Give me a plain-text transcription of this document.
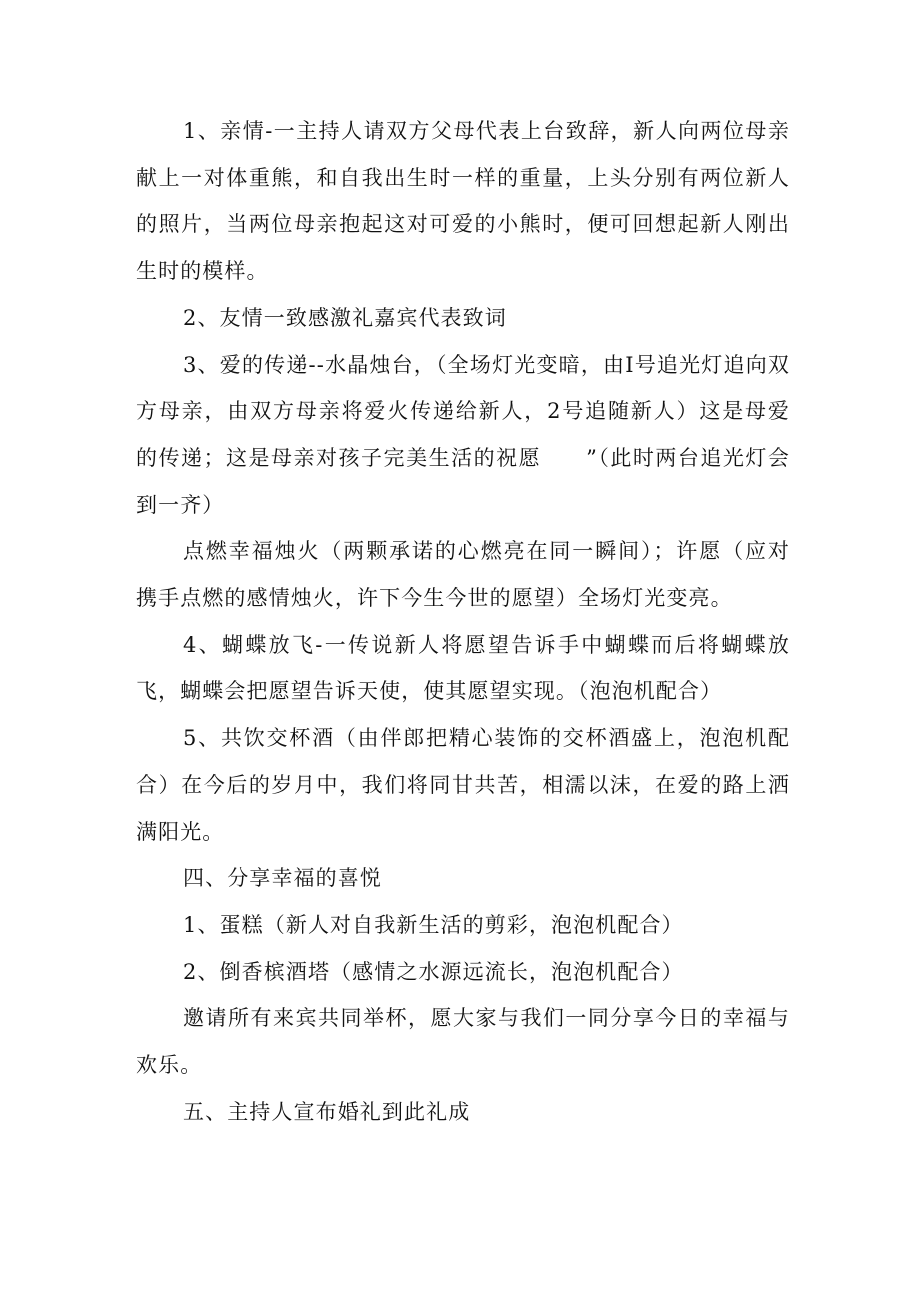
1、亲情-一主持人请双方父母代表上台致辞，新人向两位母亲献上一对体重熊，和自我出生时一样的重量，上头分别有两位新人的照片，当两位母亲抱起这对可爱的小熊时，便可回想起新人刚出生时的模样。

2、友情一致感激礼嘉宾代表致词

3、爱的传递--水晶烛台，（全场灯光变暗，由I号追光灯追向双方母亲，由双方母亲将爱火传递给新人，2号追随新人）这是母爱的传递；这是母亲对孩子完美生活的祝愿　　”（此时两台追光灯会到一齐）

点燃幸福烛火（两颗承诺的心燃亮在同一瞬间）；许愿（应对携手点燃的感情烛火，许下今生今世的愿望）全场灯光变亮。

4、蝴蝶放飞-一传说新人将愿望告诉手中蝴蝶而后将蝴蝶放飞，蝴蝶会把愿望告诉天使，使其愿望实现。（泡泡机配合）

5、共饮交杯酒（由伴郎把精心装饰的交杯酒盛上，泡泡机配合）在今后的岁月中，我们将同甘共苦，相濡以沫，在爱的路上洒满阳光。

四、分享幸福的喜悦

1、蛋糕（新人对自我新生活的剪彩，泡泡机配合）

2、倒香槟酒塔（感情之水源远流长，泡泡机配合）

邀请所有来宾共同举杯，愿大家与我们一同分享今日的幸福与欢乐。

五、主持人宣布婚礼到此礼成
